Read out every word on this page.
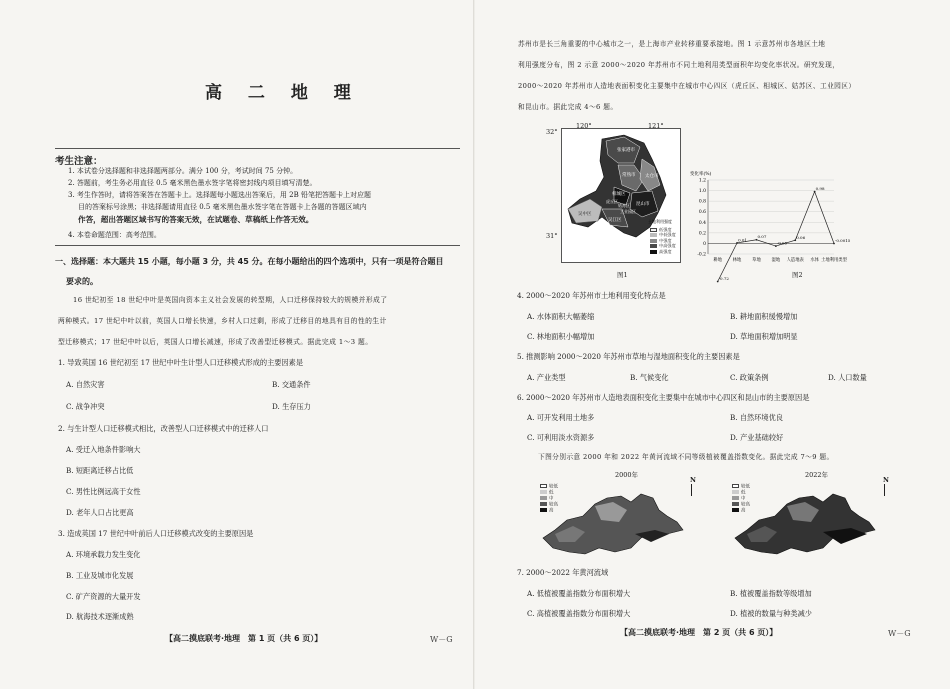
高 二 地 理
考生注意：
1. 本试卷分选择题和非选择题两部分。满分 100 分，考试时间 75 分钟。
2. 答题前，考生务必用直径 0.5 毫米黑色墨水签字笔将密封线内项目填写清楚。
3. 考生作答时，请将答案答在答题卡上。选择题每小题选出答案后，用 2B 铅笔把答题卡上对应题
目的答案标号涂黑；非选择题请用直径 0.5 毫米黑色墨水签字笔在答题卡上各题的答题区域内
作答，超出答题区域书写的答案无效，在试题卷、草稿纸上作答无效。
4. 本卷命题范围：高考范围。
一、选择题：本大题共 15 小题，每小题 3 分，共 45 分。在每小题给出的四个选项中，只有一项是符合题目
要求的。
16 世纪初至 18 世纪中叶是英国向资本主义社会发展的转型期，人口迁移保持较大的规模并形成了
两种模式。17 世纪中叶以前，英国人口增长快速，乡村人口过剩，形成了迁移目的地具有目的性的生计
型迁移模式；17 世纪中叶以后，英国人口增长减速，形成了改善型迁移模式。据此完成 1～3 题。
1. 导致英国 16 世纪初至 17 世纪中叶生计型人口迁移模式形成的主要因素是
A. 自然灾害	B. 交通条件
C. 战争冲突	D. 生存压力
2. 与生计型人口迁移模式相比，改善型人口迁移模式中的迁移人口
A. 受迁入地条件影响大
B. 短距离迁移占比低
C. 男性比例远高于女性
D. 老年人口占比更高
3. 造成英国 17 世纪中叶前后人口迁移模式改变的主要原因是
A. 环境承载力发生变化
B. 工业及城市化发展
C. 矿产资源的大量开发
D. 航海技术逐渐成熟
【高二摸底联考·地理　第 1 页（共 6 页）】	W－G
苏州市是长三角重要的中心城市之一，是上海市产业转移重要承接地。图 1 示意苏州市各地区土地
利用强度分布，图 2 示意 2000～2020 年苏州市不同土地利用类型面积年均变化率状况。研究发现，
2000～2020 年苏州市人造地表面积变化主要集中在城市中心四区（虎丘区、相城区、姑苏区、工业园区）
和昆山市。据此完成 4～6 题。
张家港市
常熟市 太仓市
相城区
昆山市
虎丘区
姑苏区
工业园区
吴中区
吴江区	土地利用强度
低强度
中低强度
中强度
中高强度
高强度
120°	121°
32°
31°
图1
变化率(%)
1.2
1.0
0.8
0.6
0.4
0.2
0
-0.2
-0.72
0.01
0.07
-0.05
0.06
0.98
-0.0015
耕地	林地	草地	湿地 人造地表 水体 土地利用类型
图2
4. 2000～2020 年苏州市土地利用变化特点是
A. 水体面积大幅萎缩	B. 耕地面积缓慢增加
C. 林地面积小幅增加	D. 草地面积增加明显
5. 推测影响 2000～2020 年苏州市草地与湿地面积变化的主要因素是
A. 产业类型	B. 气候变化	C. 政策条例	D. 人口数量
6. 2000～2020 年苏州市人造地表面积变化主要集中在城市中心四区和昆山市的主要原因是
A. 可开发利用土地多	B. 自然环境优良
C. 可利用淡水资源多	D. 产业基础较好
下图分别示意 2000 年和 2022 年黄河流域不同等级植被覆盖指数变化。据此完成 7～9 题。
2000年
较低
低
中
较高
高
N
2022年
较低
低
中
较高
高
N
7. 2000～2022 年黄河流域
A. 低植被覆盖指数分布面积增大	B. 植被覆盖指数等级增加
C. 高植被覆盖指数分布面积增大	D. 植被的数量与种类减少
【高二摸底联考·地理　第 2 页（共 6 页）】	W－G
